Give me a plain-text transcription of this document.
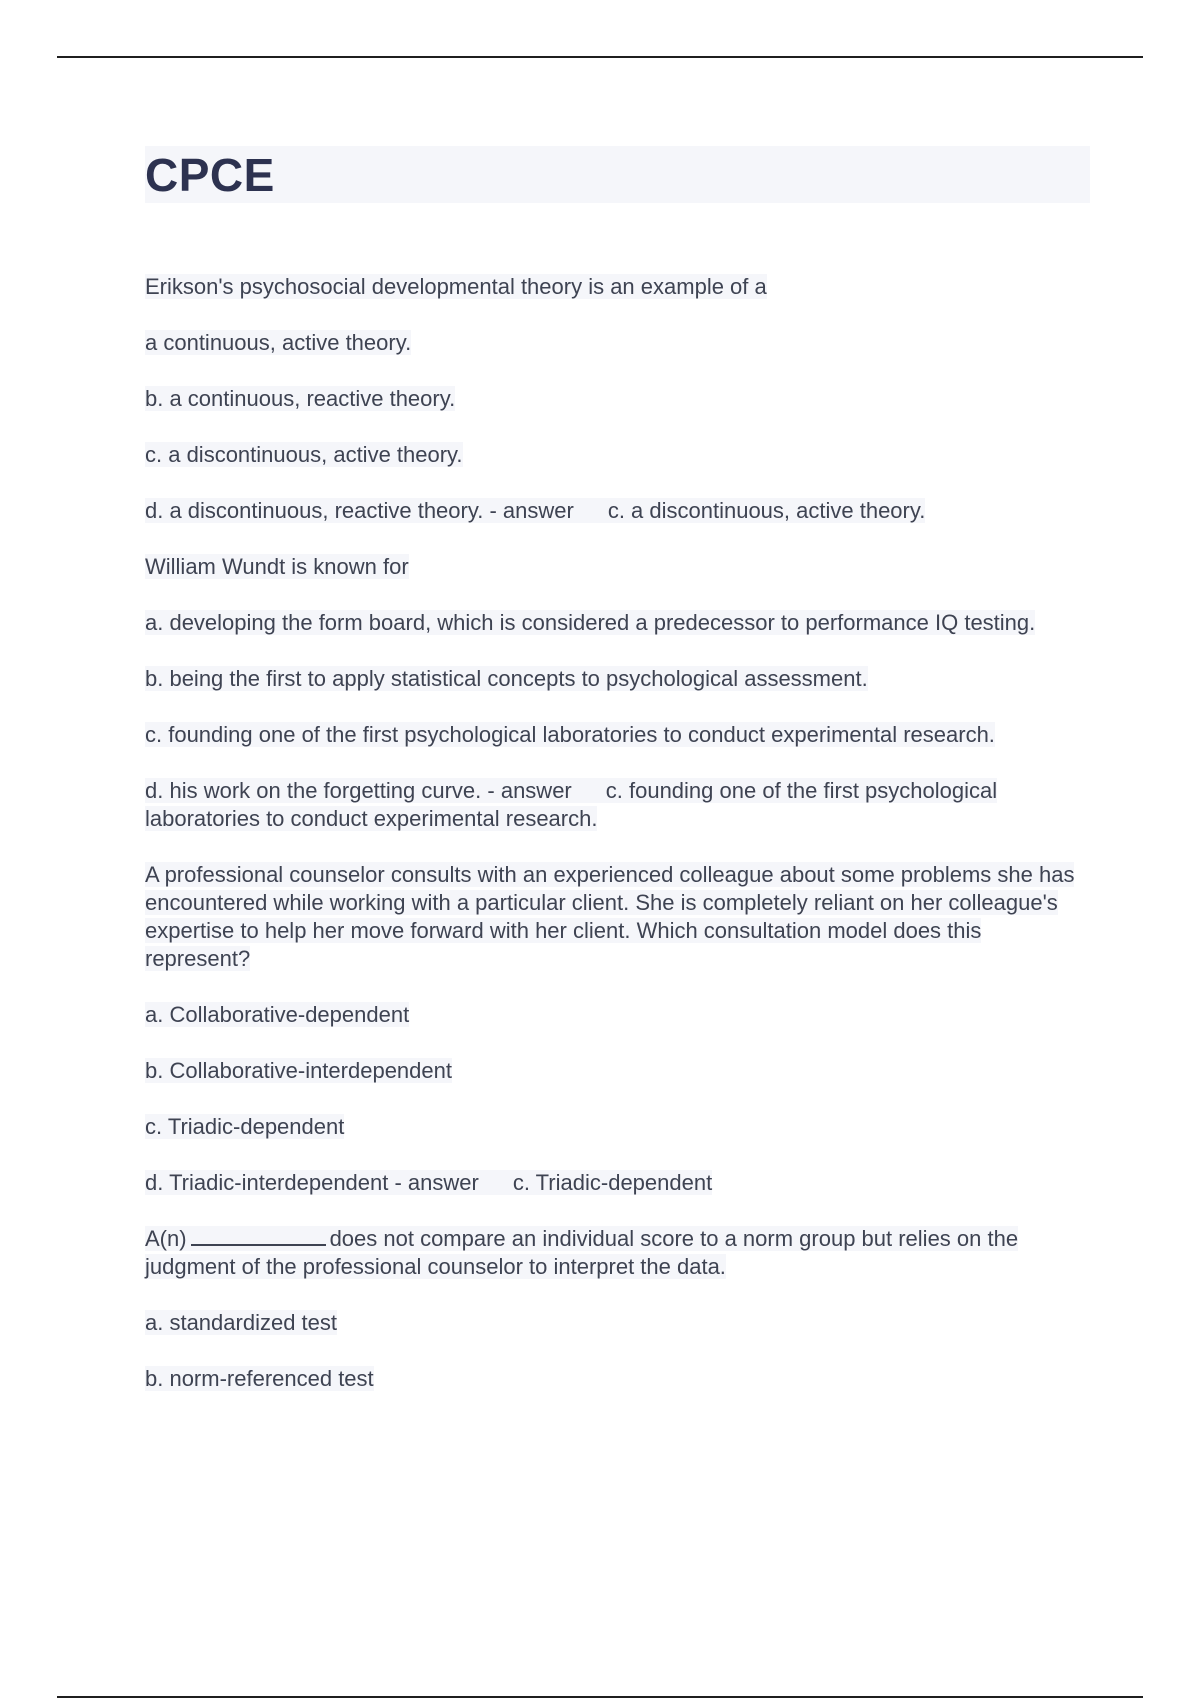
CPCE

Erikson's psychosocial developmental theory is an example of a

a continuous, active theory.

b. a continuous, reactive theory.

c. a discontinuous, active theory.

d. a discontinuous, reactive theory. - answer c. a discontinuous, active theory.

William Wundt is known for

a. developing the form board, which is considered a predecessor to performance IQ testing.

b. being the first to apply statistical concepts to psychological assessment.

c. founding one of the first psychological laboratories to conduct experimental research.

d. his work on the forgetting curve. - answer c. founding one of the first psychological laboratories to conduct experimental research.

A professional counselor consults with an experienced colleague about some problems she has encountered while working with a particular client. She is completely reliant on her colleague's expertise to help her move forward with her client. Which consultation model does this represent?

a. Collaborative-dependent

b. Collaborative-interdependent

c. Triadic-dependent

d. Triadic-interdependent - answer c. Triadic-dependent

A(n)	does not compare an individual score to a norm group but relies on the judgment of the professional counselor to interpret the data.

a. standardized test

b. norm-referenced test
